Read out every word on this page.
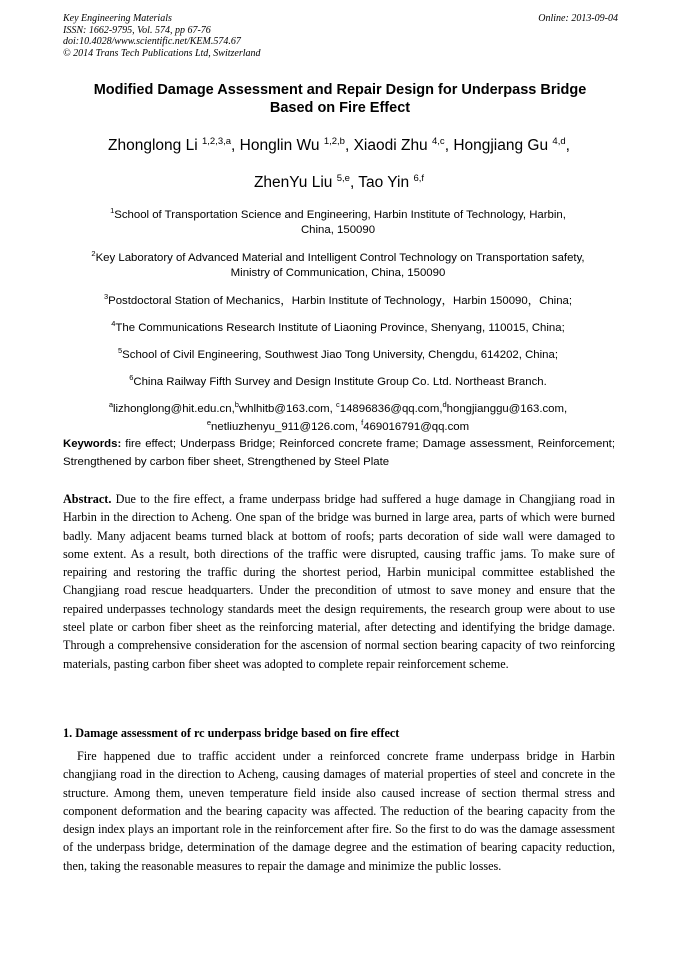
Key Engineering Materials
ISSN: 1662-9795, Vol. 574, pp 67-76
doi:10.4028/www.scientific.net/KEM.574.67
© 2014 Trans Tech Publications Ltd, Switzerland
Online: 2013-09-04
Modified Damage Assessment and Repair Design for Underpass Bridge
Based on Fire Effect
Zhonglong Li $^{1,2,3,a}$, Honglin Wu $^{1,2,b}$, Xiaodi Zhu $^{4,c}$, Hongjiang Gu $^{4,d}$,
ZhenYu Liu $^{5,e}$, Tao Yin $^{6,f}$
$^1$School of Transportation Science and Engineering, Harbin Institute of Technology, Harbin,
China, 150090
$^2$Key Laboratory of Advanced Material and Intelligent Control Technology on Transportation safety,
Ministry of Communication, China, 150090
$^3$Postdoctoral Station of Mechanics，Harbin Institute of Technology，Harbin 150090，China;
$^4$The Communications Research Institute of Liaoning Province, Shenyang, 110015, China;
$^5$School of Civil Engineering, Southwest Jiao Tong University, Chengdu, 614202, China;
$^6$China Railway Fifth Survey and Design Institute Group Co. Ltd. Northeast Branch.
$^a$lizhonglong@hit.edu.cn,$^b$whlhitb@163.com, $^c$14896836@qq.com,$^d$hongjianggu@163.com,
$^e$netliuzhenyu_911@126.com, $^f$469016791@qq.com
Keywords: fire effect; Underpass Bridge; Reinforced concrete frame; Damage assessment, Reinforcement; Strengthened by carbon fiber sheet, Strengthened by Steel Plate
Abstract. Due to the fire effect, a frame underpass bridge had suffered a huge damage in Changjiang road in Harbin in the direction to Acheng. One span of the bridge was burned in large area, parts of which were burned badly. Many adjacent beams turned black at bottom of roofs; parts decoration of side wall were damaged to some extent. As a result, both directions of the traffic were disrupted, causing traffic jams. To make sure of repairing and restoring the traffic during the shortest period, Harbin municipal committee established the Changjiang road rescue headquarters. Under the precondition of utmost to save money and ensure that the repaired underpasses technology standards meet the design requirements, the research group were about to use steel plate or carbon fiber sheet as the reinforcing material, after detecting and identifying the bridge damage. Through a comprehensive consideration for the ascension of normal section bearing capacity of two reinforcing materials, pasting carbon fiber sheet was adopted to complete repair reinforcement scheme.
1. Damage assessment of rc underpass bridge based on fire effect
Fire happened due to traffic accident under a reinforced concrete frame underpass bridge in Harbin changjiang road in the direction to Acheng, causing damages of material properties of steel and concrete in the structure. Among them, uneven temperature field inside also caused increase of section thermal stress and component deformation and the bearing capacity was affected. The reduction of the bearing capacity from the design index plays an important role in the reinforcement after fire. So the first to do was the damage assessment of the underpass bridge, determination of the damage degree and the estimation of bearing capacity reduction, then, taking the reasonable measures to repair the damage and minimize the public losses.
